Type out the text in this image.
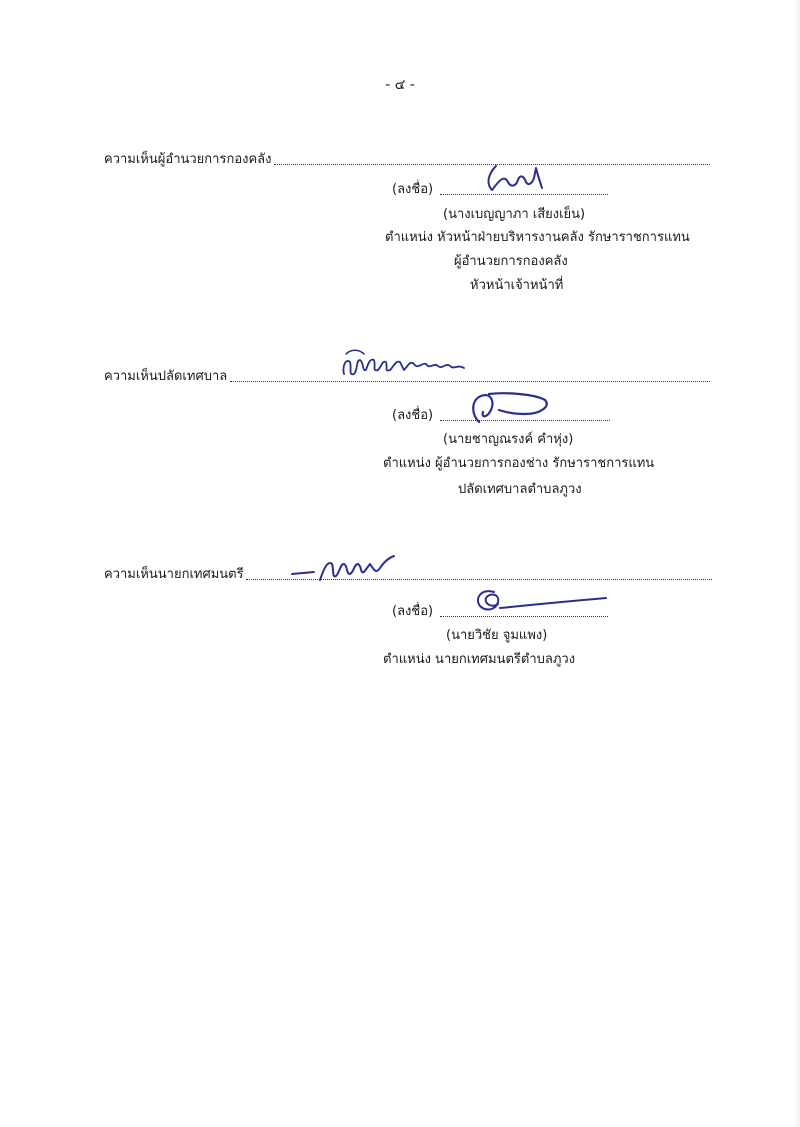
- ๔ -
ความเห็นผู้อำนวยการกองคลัง
(ลงชื่อ)
(นางเบญญาภา เสียงเย็น)
ตำแหน่ง หัวหน้าฝ่ายบริหารงานคลัง รักษาราชการแทน
ผู้อำนวยการกองคลัง
หัวหน้าเจ้าหน้าที่
ความเห็นปลัดเทศบาล
(ลงชื่อ)
(นายชาญณรงค์ คำหุ่ง)
ตำแหน่ง ผู้อำนวยการกองช่าง รักษาราชการแทน
ปลัดเทศบาลตำบลภูวง
ความเห็นนายกเทศมนตรี
(ลงชื่อ)
(นายวิชัย จูมแพง)
ตำแหน่ง นายกเทศมนตรีตำบลภูวง
